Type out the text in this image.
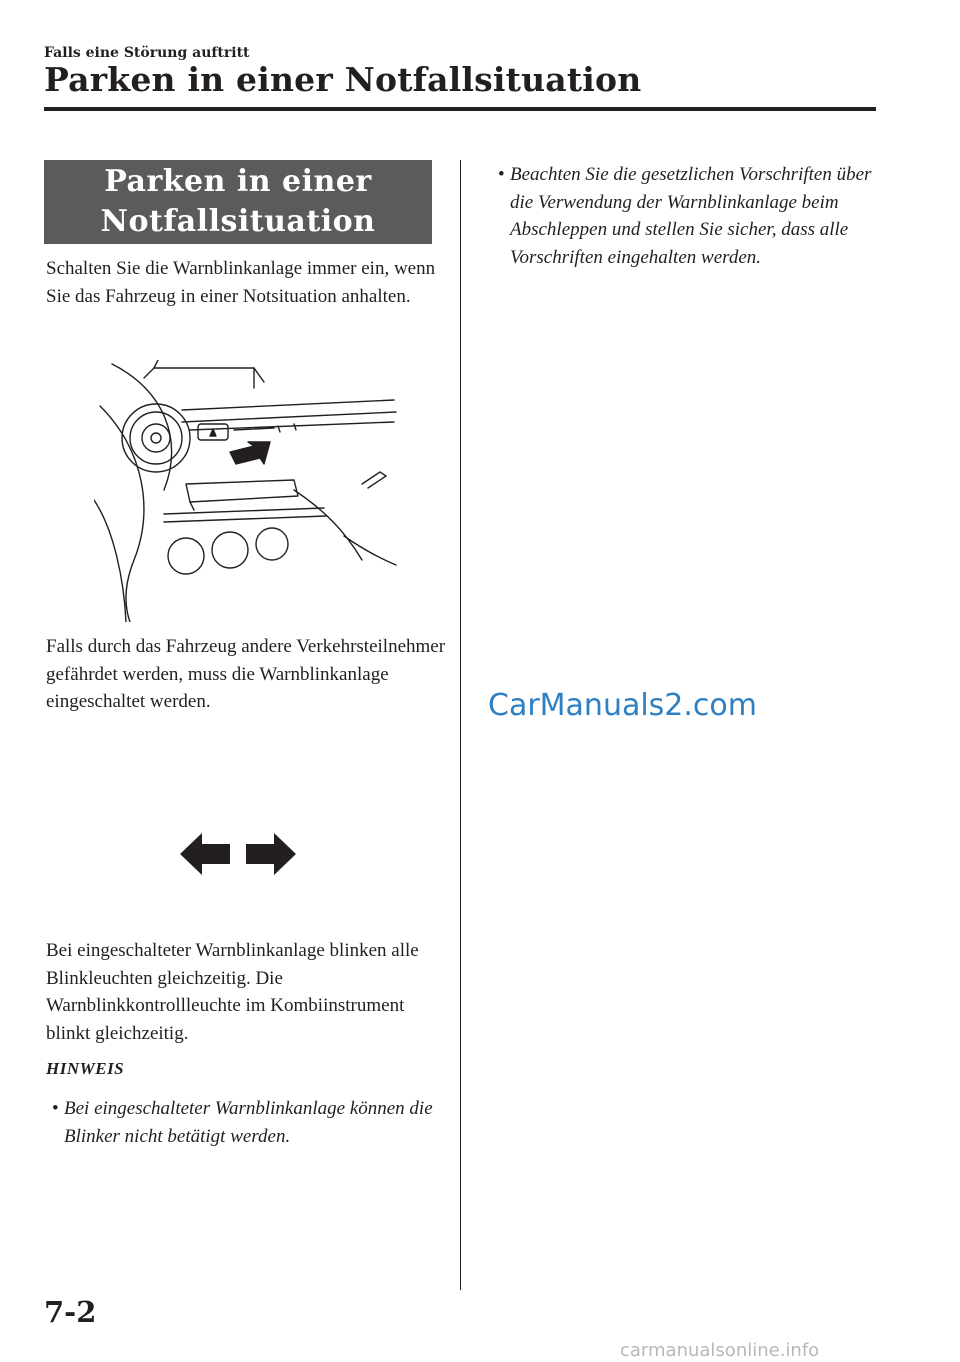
Falls eine Störung auftritt

Parken in einer Notfallsituation
Parken in einer
Notfallsituation

Schalten Sie die Warnblinkanlage immer ein, wenn Sie das Fahrzeug in einer Notsituation anhalten.

Falls durch das Fahrzeug andere Verkehrsteilnehmer gefährdet werden, muss die Warnblinkanlage eingeschaltet werden.

Bei eingeschalteter Warnblinkanlage blinken alle Blinkleuchten gleichzeitig. Die Warnblinkkontrollleuchte im Kombiinstrument blinkt gleichzeitig.

HINWEIS

• Bei eingeschalteter Warnblinkanlage können die Blinker nicht betätigt werden.
• Beachten Sie die gesetzlichen Vorschriften über die Verwendung der Warnblinkanlage beim Abschleppen und stellen Sie sicher, dass alle Vorschriften eingehalten werden.

CarManuals2.com

7-2

carmanualsonline.info
